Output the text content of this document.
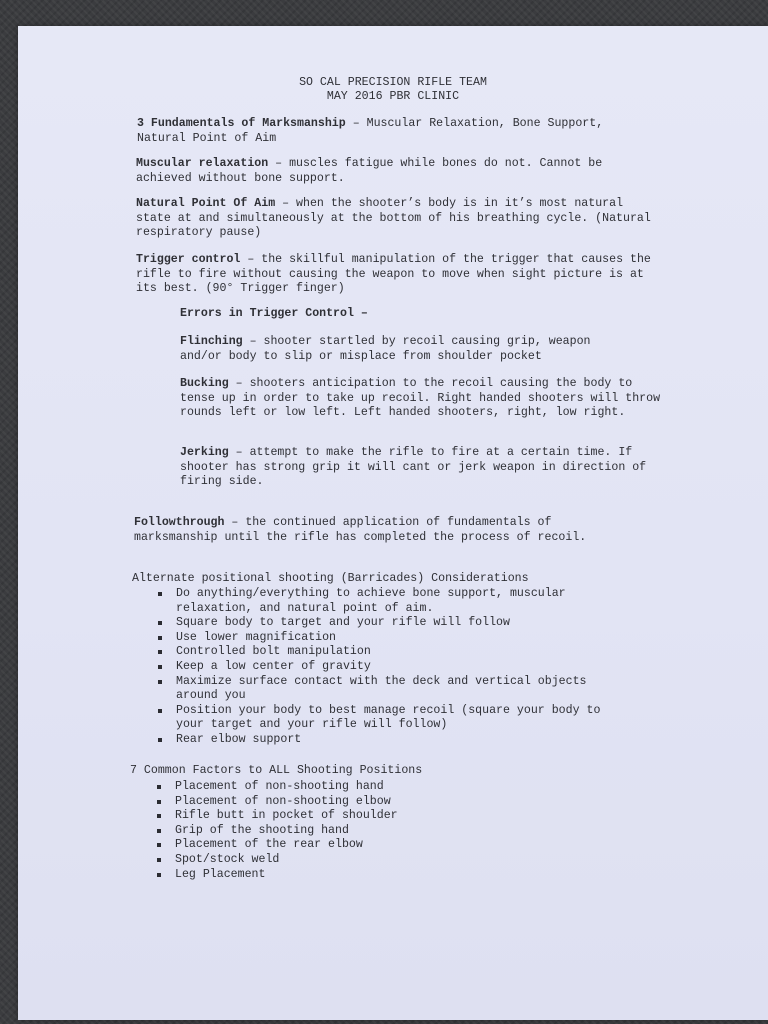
SO CAL PRECISION RIFLE TEAM
MAY 2016 PBR CLINIC
3 Fundamentals of Marksmanship – Muscular Relaxation, Bone Support, Natural Point of Aim
Muscular relaxation – muscles fatigue while bones do not. Cannot be achieved without bone support.
Natural Point Of Aim – when the shooter’s body is in it’s most natural state at and simultaneously at the bottom of his breathing cycle. (Natural respiratory pause)
Trigger control – the skillful manipulation of the trigger that causes the rifle to fire without causing the weapon to move when sight picture is at its best. (90° Trigger finger)
Errors in Trigger Control –
Flinching – shooter startled by recoil causing grip, weapon and/or body to slip or misplace from shoulder pocket
Bucking – shooters anticipation to the recoil causing the body to tense up in order to take up recoil. Right handed shooters will throw rounds left or low left. Left handed shooters, right, low right.
Jerking – attempt to make the rifle to fire at a certain time. If shooter has strong grip it will cant or jerk weapon in direction of firing side.
Followthrough – the continued application of fundamentals of marksmanship until the rifle has completed the process of recoil.
Alternate positional shooting (Barricades) Considerations
Do anything/everything to achieve bone support, muscular relaxation, and natural point of aim.
Square body to target and your rifle will follow
Use lower magnification
Controlled bolt manipulation
Keep a low center of gravity
Maximize surface contact with the deck and vertical objects around you
Position your body to best manage recoil (square your body to your target and your rifle will follow)
Rear elbow support
7 Common Factors to ALL Shooting Positions
Placement of non-shooting hand
Placement of non-shooting elbow
Rifle butt in pocket of shoulder
Grip of the shooting hand
Placement of the rear elbow
Spot/stock weld
Leg Placement
